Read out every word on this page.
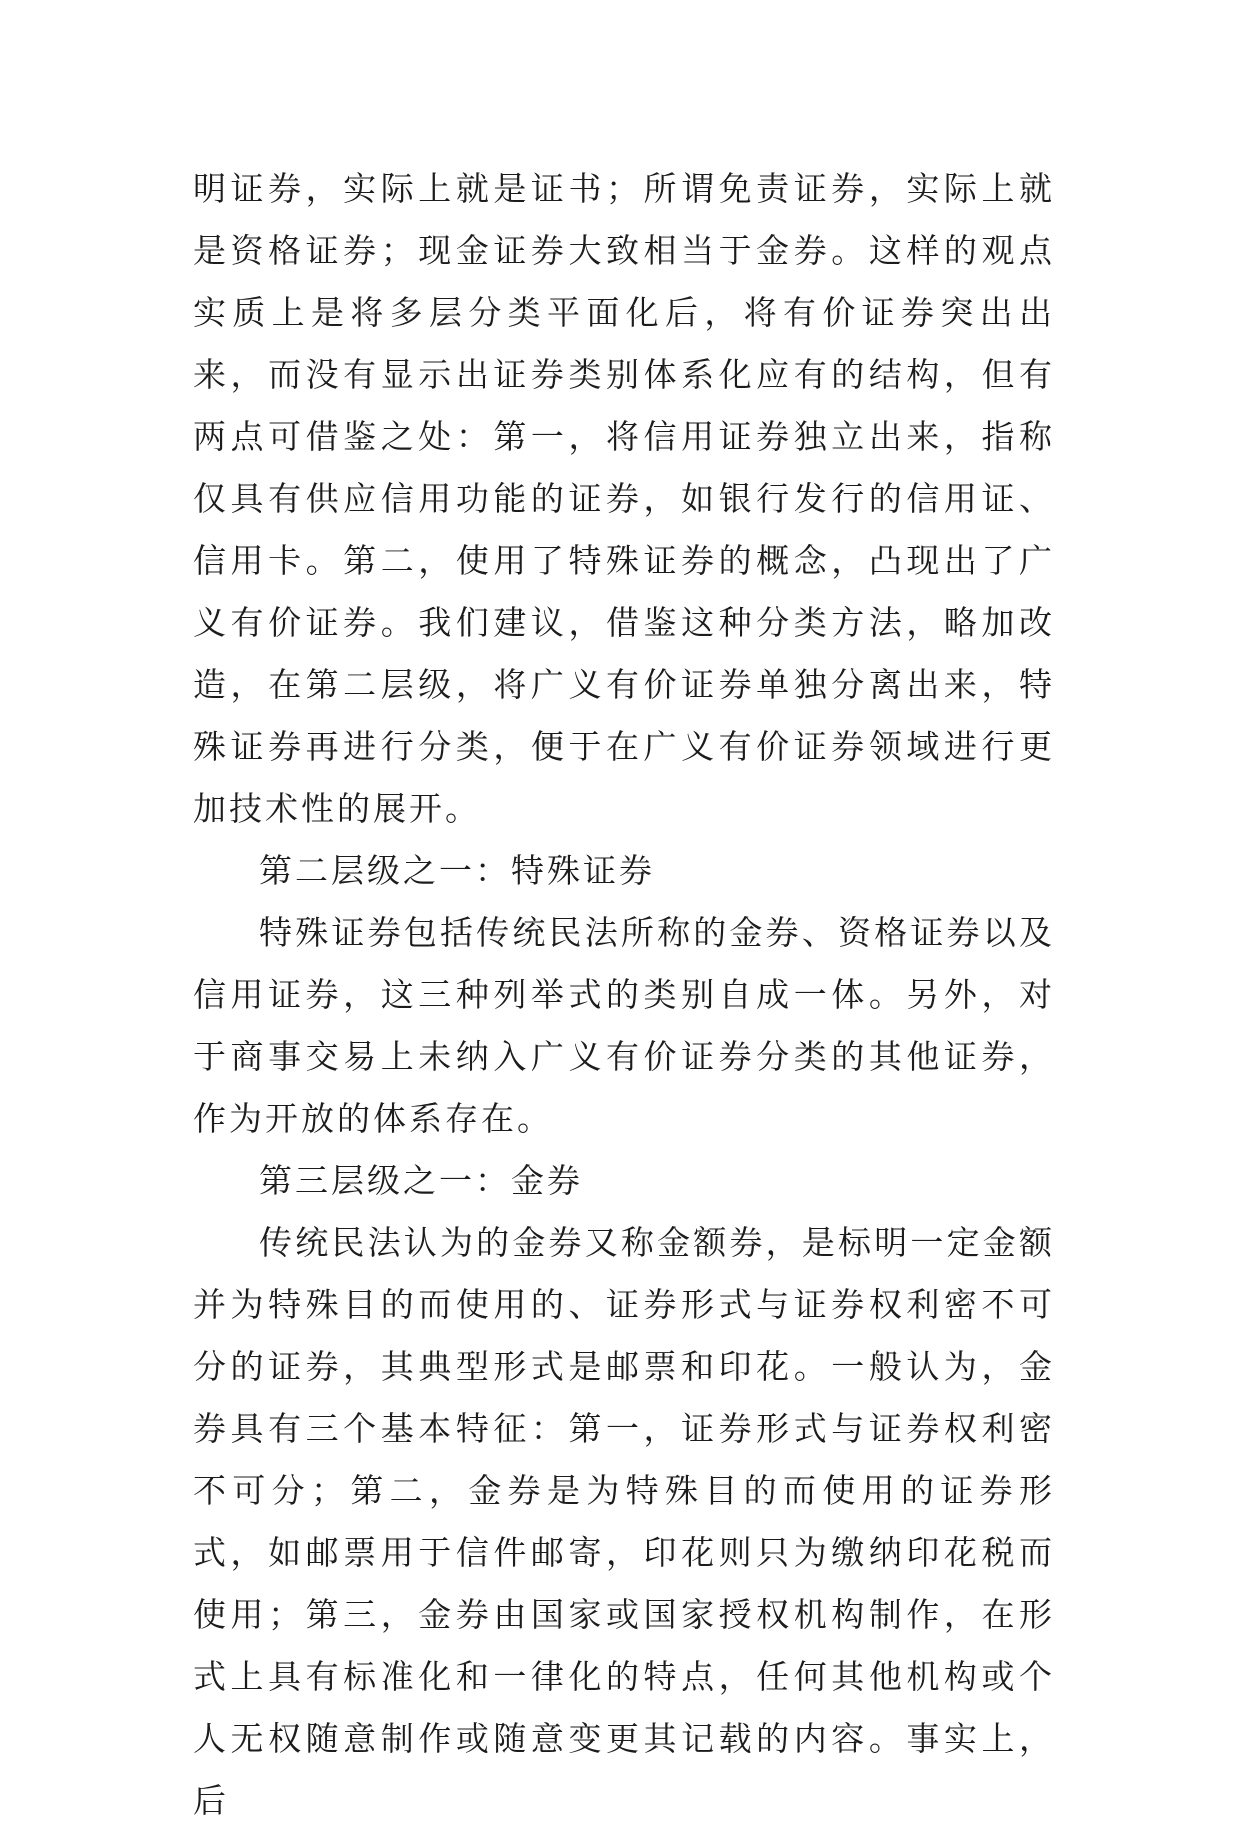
明证券，实际上就是证书；所谓免责证券，实际上就是资格证券；现金证券大致相当于金券。这样的观点实质上是将多层分类平面化后，将有价证券突出出来，而没有显示出证券类别体系化应有的结构，但有两点可借鉴之处：第一，将信用证券独立出来，指称仅具有供应信用功能的证券，如银行发行的信用证、信用卡。第二，使用了特殊证券的概念，凸现出了广义有价证券。我们建议，借鉴这种分类方法，略加改造，在第二层级，将广义有价证券单独分离出来，特殊证券再进行分类，便于在广义有价证券领域进行更加技术性的展开。

第二层级之一：特殊证券

特殊证券包括传统民法所称的金券、资格证券以及信用证券，这三种列举式的类别自成一体。另外，对于商事交易上未纳入广义有价证券分类的其他证券，作为开放的体系存在。

第三层级之一：金券

传统民法认为的金券又称金额券，是标明一定金额并为特殊目的而使用的、证券形式与证券权利密不可分的证券，其典型形式是邮票和印花。一般认为，金券具有三个基本特征：第一，证券形式与证券权利密不可分；第二，金券是为特殊目的而使用的证券形式，如邮票用于信件邮寄，印花则只为缴纳印花税而使用；第三，金券由国家或国家授权机构制作，在形式上具有标准化和一律化的特点，任何其他机构或个人无权随意制作或随意变更其记载的内容。事实上，后
